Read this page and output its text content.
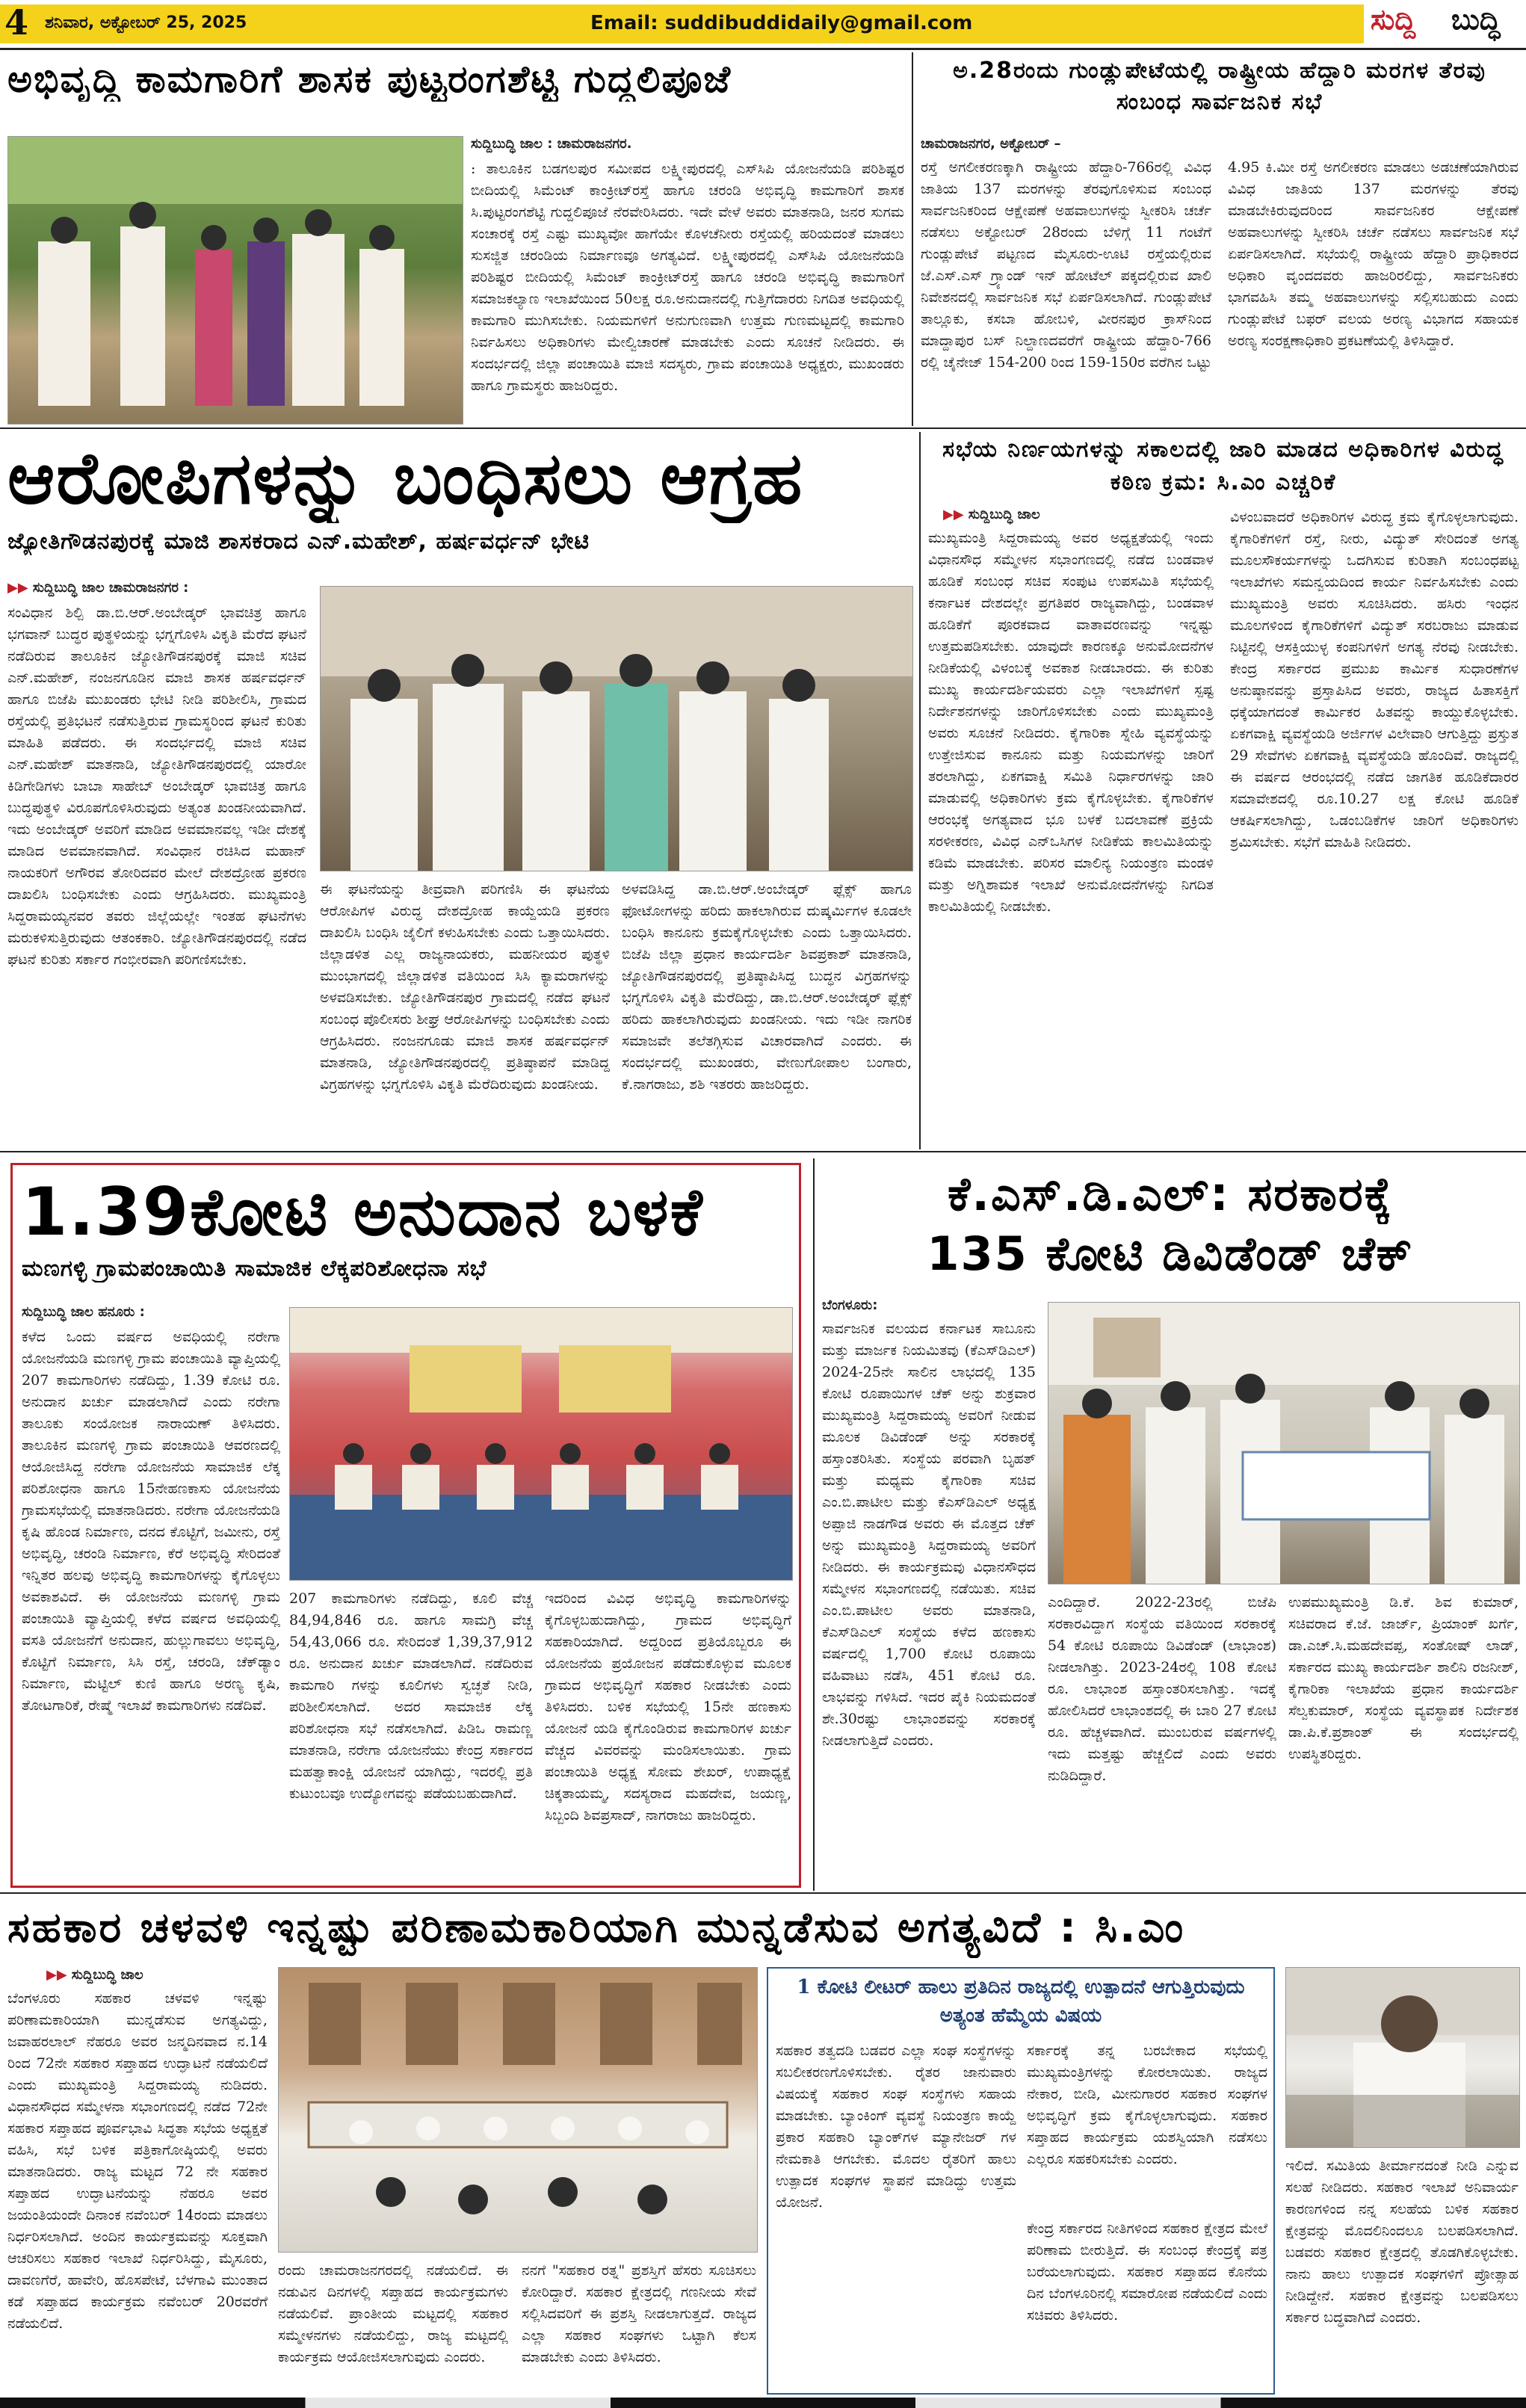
4 ಶನಿವಾರ, ಅಕ್ಟೋಬರ್ 25, 2025	Email: suddibuddidaily@gmail.com	ಸುದ್ದಿ ಬುದ್ಧಿ
ಅಭಿವೃದ್ಧಿ ಕಾಮಗಾರಿಗೆ ಶಾಸಕ ಪುಟ್ಟರಂಗಶೆಟ್ಟಿ ಗುದ್ದಲಿಪೂಜೆ
ಸುದ್ದಿಬುದ್ಧಿ ಜಾಲ : ಚಾಮರಾಜನಗರ.

: ತಾಲೂಕಿನ ಬಡಗಲಪುರ ಸಮೀಪದ ಲಕ್ಷ್ಮೀಪುರದಲ್ಲಿ ಎಸ್‌ಸಿಪಿ ಯೋಜನೆಯಡಿ ಪರಿಶಿಷ್ಟರ ಬೀದಿಯಲ್ಲಿ ಸಿಮೆಂಟ್ ಕಾಂಕ್ರೀಟ್‌ರಸ್ತೆ ಹಾಗೂ ಚರಂಡಿ ಅಭಿವೃದ್ಧಿ ಕಾಮಗಾರಿಗೆ ಶಾಸಕ ಸಿ.ಪುಟ್ಟರಂಗಶೆಟ್ಟಿ ಗುದ್ದಲಿಪೂಜೆ ನೆರವೇರಿಸಿದರು. ಇದೇ ವೇಳೆ ಅವರು ಮಾತನಾಡಿ, ಜನರ ಸುಗಮ ಸಂಚಾರಕ್ಕೆ ರಸ್ತೆ ಎಷ್ಟು ಮುಖ್ಯವೋ ಹಾಗೆಯೇ ಕೊಳಚೆನೀರು ರಸ್ತೆಯಲ್ಲಿ ಹರಿಯದಂತೆ ಮಾಡಲು ಸುಸಜ್ಜಿತ ಚರಂಡಿಯ ನಿರ್ಮಾಣವೂ ಅಗತ್ಯವಿದೆ. ಲಕ್ಷ್ಮೀಪುರದಲ್ಲಿ ಎಸ್‌ಸಿಪಿ ಯೋಜನೆಯಡಿ ಪರಿಶಿಷ್ಟರ ಬೀದಿಯಲ್ಲಿ ಸಿಮೆಂಟ್ ಕಾಂಕ್ರೀಟ್‌ರಸ್ತೆ ಹಾಗೂ ಚರಂಡಿ ಅಭಿವೃದ್ಧಿ ಕಾಮಗಾರಿಗೆ ಸಮಾಜಕಲ್ಯಾಣ ಇಲಾಖೆಯಿಂದ 50ಲಕ್ಷ ರೂ.ಅನುದಾನದಲ್ಲಿ ಗುತ್ತಿಗೆದಾರರು ನಿಗದಿತ ಅವಧಿಯಲ್ಲಿ ಕಾಮಗಾರಿ ಮುಗಿಸಬೇಕು. ನಿಯಮಗಳಿಗೆ ಅನುಗುಣವಾಗಿ ಉತ್ತಮ ಗುಣಮಟ್ಟದಲ್ಲಿ ಕಾಮಗಾರಿ ನಿರ್ವಹಿಸಲು ಅಧಿಕಾರಿಗಳು ಮೇಲ್ವಿಚಾರಣೆ ಮಾಡಬೇಕು ಎಂದು ಸೂಚನೆ ನೀಡಿದರು. ಈ ಸಂದರ್ಭದಲ್ಲಿ ಜಿಲ್ಲಾ ಪಂಚಾಯಿತಿ ಮಾಜಿ ಸದಸ್ಯರು, ಗ್ರಾಮ ಪಂಚಾಯಿತಿ ಅಧ್ಯಕ್ಷರು, ಮುಖಂಡರು ಹಾಗೂ ಗ್ರಾಮಸ್ಥರು ಹಾಜರಿದ್ದರು.

ಅ.28ರಂದು ಗುಂಡ್ಲುಪೇಟೆಯಲ್ಲಿ ರಾಷ್ಟ್ರೀಯ ಹೆದ್ದಾರಿ ಮರಗಳ ತೆರವು ಸಂಬಂಧ ಸಾರ್ವಜನಿಕ ಸಭೆ
ಚಾಮರಾಜನಗರ, ಅಕ್ಟೋಬರ್ –

ರಸ್ತೆ ಅಗಲೀಕರಣಕ್ಕಾಗಿ ರಾಷ್ಟ್ರೀಯ ಹೆದ್ದಾರಿ-766ರಲ್ಲಿ ವಿವಿಧ ಜಾತಿಯ 137 ಮರಗಳನ್ನು ತೆರವುಗೊಳಿಸುವ ಸಂಬಂಧ ಸಾರ್ವಜನಿಕರಿಂದ ಆಕ್ಷೇಪಣೆ ಅಹವಾಲುಗಳನ್ನು ಸ್ವೀಕರಿಸಿ ಚರ್ಚೆ ನಡೆಸಲು ಅಕ್ಟೋಬರ್ 28ರಂದು ಬೆಳಿಗ್ಗೆ 11 ಗಂಟೆಗೆ ಗುಂಡ್ಲುಪೇಟೆ ಪಟ್ಟಣದ ಮೈಸೂರು-ಊಟಿ ರಸ್ತೆಯಲ್ಲಿರುವ ಜೆ.ಎಸ್.ಎಸ್ ಗ್ರ್ಯಾಂಡ್ ಇನ್ ಹೋಟೆಲ್ ಪಕ್ಕದಲ್ಲಿರುವ ಖಾಲಿ ನಿವೇಶನದಲ್ಲಿ ಸಾರ್ವಜನಿಕ ಸಭೆ ಏರ್ಪಡಿಸಲಾಗಿದೆ. ಗುಂಡ್ಲುಪೇಟೆ ತಾಲ್ಲೂಕು, ಕಸಬಾ ಹೋಬಳಿ, ವೀರನಪುರ ಕ್ರಾಸ್‌ನಿಂದ ಮಾದ್ದಾಪುರ ಬಸ್ ನಿಲ್ದಾಣದವರೆಗೆ ರಾಷ್ಟ್ರೀಯ ಹೆದ್ದಾರಿ-766 ರಲ್ಲಿ ಚೈನೇಜ್ 154-200 ರಿಂದ 159-150ರ ವರೆಗಿನ ಒಟ್ಟು 4.95 ಕಿ.ಮೀ ರಸ್ತೆ ಅಗಲೀಕರಣ ಮಾಡಲು ಅಡಚಣೆಯಾಗಿರುವ ವಿವಿಧ ಜಾತಿಯ 137 ಮರಗಳನ್ನು ತೆರವು ಮಾಡಬೇಕಿರುವುದರಿಂದ ಸಾರ್ವಜನಿಕರ ಆಕ್ಷೇಪಣೆ ಅಹವಾಲುಗಳನ್ನು ಸ್ವೀಕರಿಸಿ ಚರ್ಚೆ ನಡೆಸಲು ಸಾರ್ವಜನಿಕ ಸಭೆ ಏರ್ಪಡಿಸಲಾಗಿದೆ. ಸಭೆಯಲ್ಲಿ ರಾಷ್ಟ್ರೀಯ ಹೆದ್ದಾರಿ ಪ್ರಾಧಿಕಾರದ ಅಧಿಕಾರಿ ವೃಂದದವರು ಹಾಜರಿರಲಿದ್ದು, ಸಾರ್ವಜನಿಕರು ಭಾಗವಹಿಸಿ ತಮ್ಮ ಅಹವಾಲುಗಳನ್ನು ಸಲ್ಲಿಸಬಹುದು ಎಂದು ಗುಂಡ್ಲುಪೇಟೆ ಬಫರ್ ವಲಯ ಅರಣ್ಯ ವಿಭಾಗದ ಸಹಾಯಕ ಅರಣ್ಯ ಸಂರಕ್ಷಣಾಧಿಕಾರಿ ಪ್ರಕಟಣೆಯಲ್ಲಿ ತಿಳಿಸಿದ್ದಾರೆ.

ಆರೋಪಿಗಳನ್ನು ಬಂಧಿಸಲು ಆಗ್ರಹ
ಜ್ಯೋತಿಗೌಡನಪುರಕ್ಕೆ ಮಾಜಿ ಶಾಸಕರಾದ ಎನ್.ಮಹೇಶ್, ಹರ್ಷವರ್ಧನ್ ಭೇಟಿ
▶▶ ಸುದ್ದಿಬುದ್ಧಿ ಜಾಲ ಚಾಮರಾಜನಗರ :

ಸಂವಿಧಾನ ಶಿಲ್ಪಿ ಡಾ.ಬಿ.ಆರ್.ಅಂಬೇಡ್ಕರ್ ಭಾವಚಿತ್ರ ಹಾಗೂ ಭಗವಾನ್ ಬುದ್ಧರ ಪುತ್ಥಳಿಯನ್ನು ಭಗ್ನಗೊಳಿಸಿ ವಿಕೃತಿ ಮೆರೆದ ಘಟನೆ ನಡೆದಿರುವ ತಾಲೂಕಿನ ಜ್ಯೋತಿಗೌಡನಪುರಕ್ಕೆ ಮಾಜಿ ಸಚಿವ ಎನ್.ಮಹೇಶ್, ನಂಜನಗೂಡಿನ ಮಾಜಿ ಶಾಸಕ ಹರ್ಷವರ್ಧನ್ ಹಾಗೂ ಬಿಜೆಪಿ ಮುಖಂಡರು ಭೇಟಿ ನೀಡಿ ಪರಿಶೀಲಿಸಿ, ಗ್ರಾಮದ ರಸ್ತೆಯಲ್ಲಿ ಪ್ರತಿಭಟನೆ ನಡೆಸುತ್ತಿರುವ ಗ್ರಾಮಸ್ಥರಿಂದ ಘಟನೆ ಕುರಿತು ಮಾಹಿತಿ ಪಡೆದರು. ಈ ಸಂದರ್ಭದಲ್ಲಿ ಮಾಜಿ ಸಚಿವ ಎನ್.ಮಹೇಶ್ ಮಾತನಾಡಿ, ಜ್ಯೋತಿಗೌಡನಪುರದಲ್ಲಿ ಯಾರೋ ಕಿಡಿಗೇಡಿಗಳು ಬಾಬಾ ಸಾಹೇಬ್ ಅಂಬೇಡ್ಕರ್ ಭಾವಚಿತ್ರ ಹಾಗೂ ಬುದ್ಧಪುತ್ಥಳಿ ವಿರೂಪಗೊಳಿಸಿರುವುದು ಅತ್ಯಂತ ಖಂಡನೀಯವಾಗಿದೆ. ಇದು ಅಂಬೇಡ್ಕರ್ ಅವರಿಗೆ ಮಾಡಿದ ಅವಮಾನವಲ್ಲ ಇಡೀ ದೇಶಕ್ಕೆ ಮಾಡಿದ ಅವಮಾನವಾಗಿದೆ. ಸಂವಿಧಾನ ರಚಿಸಿದ ಮಹಾನ್ ನಾಯಕರಿಗೆ ಅಗೌರವ ತೋರಿದವರ ಮೇಲೆ ದೇಶದ್ರೋಹ ಪ್ರಕರಣ ದಾಖಲಿಸಿ ಬಂಧಿಸಬೇಕು ಎಂದು ಆಗ್ರಹಿಸಿದರು. ಮುಖ್ಯಮಂತ್ರಿ ಸಿದ್ದರಾಮಯ್ಯನವರ ತವರು ಜಿಲ್ಲೆಯಲ್ಲೇ ಇಂತಹ ಘಟನೆಗಳು ಮರುಕಳಿಸುತ್ತಿರುವುದು ಆತಂಕಕಾರಿ. ಜ್ಯೋತಿಗೌಡನಪುರದಲ್ಲಿ ನಡೆದ ಘಟನೆ ಕುರಿತು ಸರ್ಕಾರ ಗಂಭೀರವಾಗಿ ಪರಿಗಣಿಸಬೇಕು.

ಈ ಘಟನೆಯನ್ನು ತೀವ್ರವಾಗಿ ಪರಿಗಣಿಸಿ ಈ ಘಟನೆಯ ಆರೋಪಿಗಳ ವಿರುದ್ಧ ದೇಶದ್ರೋಹ ಕಾಯ್ದೆಯಡಿ ಪ್ರಕರಣ ದಾಖಲಿಸಿ ಬಂಧಿಸಿ ಜೈಲಿಗೆ ಕಳುಹಿಸಬೇಕು ಎಂದು ಒತ್ತಾಯಿಸಿದರು. ಜಿಲ್ಲಾಡಳಿತ ಎಲ್ಲ ರಾಜ್ಯನಾಯಕರು, ಮಹನೀಯರ ಪುತ್ಥಳಿ ಮುಂಭಾಗದಲ್ಲಿ ಜಿಲ್ಲಾಡಳಿತ ವತಿಯಿಂದ ಸಿಸಿ ಕ್ಯಾಮರಾಗಳನ್ನು ಅಳವಡಿಸಬೇಕು. ಜ್ಯೋತಿಗೌಡನಪುರ ಗ್ರಾಮದಲ್ಲಿ ನಡೆದ ಘಟನೆ ಸಂಬಂಧ ಪೊಲೀಸರು ಶೀಘ್ರ ಆರೋಪಿಗಳನ್ನು ಬಂಧಿಸಬೇಕು ಎಂದು ಆಗ್ರಹಿಸಿದರು. ನಂಜನಗೂಡು ಮಾಜಿ ಶಾಸಕ ಹರ್ಷವರ್ಧನ್ ಮಾತನಾಡಿ, ಜ್ಯೋತಿಗೌಡನಪುರದಲ್ಲಿ ಪ್ರತಿಷ್ಠಾಪನೆ ಮಾಡಿದ್ದ ವಿಗ್ರಹಗಳನ್ನು ಭಗ್ನಗೊಳಿಸಿ ವಿಕೃತಿ ಮೆರೆದಿರುವುದು ಖಂಡನೀಯ.

ಅಳವಡಿಸಿದ್ದ ಡಾ.ಬಿ.ಆರ್.ಅಂಬೇಡ್ಕರ್ ಫ್ಲೆಕ್ಸ್ ಹಾಗೂ ಫೋಟೋಗಳನ್ನು ಹರಿದು ಹಾಕಲಾಗಿರುವ ದುಷ್ಕರ್ಮಿಗಳ ಕೂಡಲೇ ಬಂಧಿಸಿ ಕಾನೂನು ಕ್ರಮಕೈಗೊಳ್ಳಬೇಕು ಎಂದು ಒತ್ತಾಯಿಸಿದರು. ಬಿಜೆಪಿ ಜಿಲ್ಲಾ ಪ್ರಧಾನ ಕಾರ್ಯದರ್ಶಿ ಶಿವಪ್ರಕಾಶ್ ಮಾತನಾಡಿ, ಜ್ಯೋತಿಗೌಡನಪುರದಲ್ಲಿ ಪ್ರತಿಷ್ಠಾಪಿಸಿದ್ದ ಬುದ್ಧನ ವಿಗ್ರಹಗಳನ್ನು ಭಗ್ನಗೊಳಿಸಿ ವಿಕೃತಿ ಮೆರೆದಿದ್ದು, ಡಾ.ಬಿ.ಆರ್.ಅಂಬೇಡ್ಕರ್ ಫ್ಲೆಕ್ಸ್ ಹರಿದು ಹಾಕಲಾಗಿರುವುದು ಖಂಡನೀಯ. ಇದು ಇಡೀ ನಾಗರಿಕ ಸಮಾಜವೇ ತಲೆತಗ್ಗಿಸುವ ವಿಚಾರವಾಗಿದೆ ಎಂದರು. ಈ ಸಂದರ್ಭದಲ್ಲಿ ಮುಖಂಡರು, ವೇಣುಗೋಪಾಲ ಬಂಗಾರು, ಕೆ.ನಾಗರಾಜು, ಶಶಿ ಇತರರು ಹಾಜರಿದ್ದರು.

ಸಭೆಯ ನಿರ್ಣಯಗಳನ್ನು ಸಕಾಲದಲ್ಲಿ ಜಾರಿ ಮಾಡದ ಅಧಿಕಾರಿಗಳ ವಿರುದ್ಧ ಕಠಿಣ ಕ್ರಮ: ಸಿ.ಎಂ ಎಚ್ಚರಿಕೆ
▶▶ ಸುದ್ದಿಬುದ್ಧಿ ಜಾಲ

ಮುಖ್ಯಮಂತ್ರಿ ಸಿದ್ದರಾಮಯ್ಯ ಅವರ ಅಧ್ಯಕ್ಷತೆಯಲ್ಲಿ ಇಂದು ವಿಧಾನಸೌಧ ಸಮ್ಮೇಳನ ಸಭಾಂಗಣದಲ್ಲಿ ನಡೆದ ಬಂಡವಾಳ ಹೂಡಿಕೆ ಸಂಬಂಧ ಸಚಿವ ಸಂಪುಟ ಉಪಸಮಿತಿ ಸಭೆಯಲ್ಲಿ ಕರ್ನಾಟಕ ದೇಶದಲ್ಲೇ ಪ್ರಗತಿಪರ ರಾಜ್ಯವಾಗಿದ್ದು, ಬಂಡವಾಳ ಹೂಡಿಕೆಗೆ ಪೂರಕವಾದ ವಾತಾವರಣವನ್ನು ಇನ್ನಷ್ಟು ಉತ್ತಮಪಡಿಸಬೇಕು. ಯಾವುದೇ ಕಾರಣಕ್ಕೂ ಅನುಮೋದನೆಗಳ ನೀಡಿಕೆಯಲ್ಲಿ ವಿಳಂಬಕ್ಕೆ ಅವಕಾಶ ನೀಡಬಾರದು. ಈ ಕುರಿತು ಮುಖ್ಯ ಕಾರ್ಯದರ್ಶಿಯವರು ಎಲ್ಲಾ ಇಲಾಖೆಗಳಿಗೆ ಸ್ಪಷ್ಟ ನಿರ್ದೇಶನಗಳನ್ನು ಜಾರಿಗೊಳಿಸಬೇಕು ಎಂದು ಮುಖ್ಯಮಂತ್ರಿ ಅವರು ಸೂಚನೆ ನೀಡಿದರು. ಕೈಗಾರಿಕಾ ಸ್ನೇಹಿ ವ್ಯವಸ್ಥೆಯನ್ನು ಉತ್ತೇಜಿಸುವ ಕಾನೂನು ಮತ್ತು ನಿಯಮಗಳನ್ನು ಜಾರಿಗೆ ತರಲಾಗಿದ್ದು, ಏಕಗವಾಕ್ಷಿ ಸಮಿತಿ ನಿರ್ಧಾರಗಳನ್ನು ಜಾರಿ ಮಾಡುವಲ್ಲಿ ಅಧಿಕಾರಿಗಳು ಕ್ರಮ ಕೈಗೊಳ್ಳಬೇಕು. ಕೈಗಾರಿಕೆಗಳ ಆರಂಭಕ್ಕೆ ಅಗತ್ಯವಾದ ಭೂ ಬಳಕೆ ಬದಲಾವಣೆ ಪ್ರಕ್ರಿಯೆ ಸರಳೀಕರಣ, ವಿವಿಧ ಎನ್‌ಒಸಿಗಳ ನೀಡಿಕೆಯ ಕಾಲಮಿತಿಯನ್ನು ಕಡಿಮೆ ಮಾಡಬೇಕು. ಪರಿಸರ ಮಾಲಿನ್ಯ ನಿಯಂತ್ರಣ ಮಂಡಳಿ ಮತ್ತು ಅಗ್ನಿಶಾಮಕ ಇಲಾಖೆ ಅನುಮೋದನೆಗಳನ್ನು ನಿಗದಿತ ಕಾಲಮಿತಿಯಲ್ಲಿ ನೀಡಬೇಕು.

ವಿಳಂಬವಾದರೆ ಅಧಿಕಾರಿಗಳ ವಿರುದ್ಧ ಕ್ರಮ ಕೈಗೊಳ್ಳಲಾಗುವುದು. ಕೈಗಾರಿಕೆಗಳಿಗೆ ರಸ್ತೆ, ನೀರು, ವಿದ್ಯುತ್ ಸೇರಿದಂತೆ ಅಗತ್ಯ ಮೂಲಸೌಕರ್ಯಗಳನ್ನು ಒದಗಿಸುವ ಕುರಿತಾಗಿ ಸಂಬಂಧಪಟ್ಟ ಇಲಾಖೆಗಳು ಸಮನ್ವಯದಿಂದ ಕಾರ್ಯ ನಿರ್ವಹಿಸಬೇಕು ಎಂದು ಮುಖ್ಯಮಂತ್ರಿ ಅವರು ಸೂಚಿಸಿದರು. ಹಸಿರು ಇಂಧನ ಮೂಲಗಳಿಂದ ಕೈಗಾರಿಕೆಗಳಿಗೆ ವಿದ್ಯುತ್ ಸರಬರಾಜು ಮಾಡುವ ನಿಟ್ಟಿನಲ್ಲಿ ಆಸಕ್ತಿಯುಳ್ಳ ಕಂಪನಿಗಳಿಗೆ ಅಗತ್ಯ ನೆರವು ನೀಡಬೇಕು. ಕೇಂದ್ರ ಸರ್ಕಾರದ ಪ್ರಮುಖ ಕಾರ್ಮಿಕ ಸುಧಾರಣೆಗಳ ಅನುಷ್ಠಾನವನ್ನು ಪ್ರಸ್ತಾಪಿಸಿದ ಅವರು, ರಾಜ್ಯದ ಹಿತಾಸಕ್ತಿಗೆ ಧಕ್ಕೆಯಾಗದಂತೆ ಕಾರ್ಮಿಕರ ಹಿತವನ್ನು ಕಾಯ್ದುಕೊಳ್ಳಬೇಕು. ಏಕಗವಾಕ್ಷಿ ವ್ಯವಸ್ಥೆಯಡಿ ಅರ್ಜಿಗಳ ವಿಲೇವಾರಿ ಆಗುತ್ತಿದ್ದು ಪ್ರಸ್ತುತ 29 ಸೇವೆಗಳು ಏಕಗವಾಕ್ಷಿ ವ್ಯವಸ್ಥೆಯಡಿ ಹೊಂದಿವೆ. ರಾಜ್ಯದಲ್ಲಿ ಈ ವರ್ಷದ ಆರಂಭದಲ್ಲಿ ನಡೆದ ಜಾಗತಿಕ ಹೂಡಿಕೆದಾರರ ಸಮಾವೇಶದಲ್ಲಿ ರೂ.10.27 ಲಕ್ಷ ಕೋಟಿ ಹೂಡಿಕೆ ಆಕರ್ಷಿಸಲಾಗಿದ್ದು, ಒಡಂಬಡಿಕೆಗಳ ಜಾರಿಗೆ ಅಧಿಕಾರಿಗಳು ಶ್ರಮಿಸಬೇಕು. ಸಭೆಗೆ ಮಾಹಿತಿ ನೀಡಿದರು.

1.39ಕೋಟಿ ಅನುದಾನ ಬಳಕೆ
ಮಣಗಳ್ಳಿ ಗ್ರಾಮಪಂಚಾಯಿತಿ ಸಾಮಾಜಿಕ ಲೆಕ್ಕಪರಿಶೋಧನಾ ಸಭೆ
ಸುದ್ದಿಬುದ್ಧಿ ಜಾಲ ಹನೂರು :

ಕಳೆದ ಒಂದು ವರ್ಷದ ಅವಧಿಯಲ್ಲಿ ನರೇಗಾ ಯೋಜನೆಯಡಿ ಮಣಗಳ್ಳಿ ಗ್ರಾಮ ಪಂಚಾಯಿತಿ ವ್ಯಾಪ್ತಿಯಲ್ಲಿ 207 ಕಾಮಗಾರಿಗಳು ನಡೆದಿದ್ದು, 1.39 ಕೋಟಿ ರೂ. ಅನುದಾನ ಖರ್ಚು ಮಾಡಲಾಗಿದೆ ಎಂದು ನರೇಗಾ ತಾಲೂಕು ಸಂಯೋಜಕ ನಾರಾಯಣ್ ತಿಳಿಸಿದರು. ತಾಲೂಕಿನ ಮಣಗಳ್ಳಿ ಗ್ರಾಮ ಪಂಚಾಯಿತಿ ಆವರಣದಲ್ಲಿ ಆಯೋಜಿಸಿದ್ದ ನರೇಗಾ ಯೋಜನೆಯ ಸಾಮಾಜಿಕ ಲೆಕ್ಕ ಪರಿಶೋಧನಾ ಹಾಗೂ 15ನೇಹಣಕಾಸು ಯೋಜನೆಯ ಗ್ರಾಮಸಭೆಯಲ್ಲಿ ಮಾತನಾಡಿದರು. ನರೇಗಾ ಯೋಜನೆಯಡಿ ಕೃಷಿ ಹೊಂಡ ನಿರ್ಮಾಣ, ದನದ ಕೊಟ್ಟಿಗೆ, ಜಮೀನು, ರಸ್ತೆ ಅಭಿವೃದ್ಧಿ, ಚರಂಡಿ ನಿರ್ಮಾಣ, ಕೆರೆ ಅಭಿವೃದ್ಧಿ ಸೇರಿದಂತೆ ಇನ್ನಿತರ ಹಲವು ಅಭಿವೃದ್ಧಿ ಕಾಮಗಾರಿಗಳನ್ನು ಕೈಗೊಳ್ಳಲು ಅವಕಾಶವಿದೆ. ಈ ಯೋಜನೆಯ ಮಣಗಳ್ಳಿ ಗ್ರಾಮ ಪಂಚಾಯಿತಿ ವ್ಯಾಪ್ತಿಯಲ್ಲಿ ಕಳೆದ ವರ್ಷದ ಅವಧಿಯಲ್ಲಿ ವಸತಿ ಯೋಜನೆಗೆ ಅನುದಾನ, ಹುಲ್ಲುಗಾವಲು ಅಭಿವೃದ್ಧಿ, ಕೊಟ್ಟಿಗೆ ನಿರ್ಮಾಣ, ಸಿಸಿ ರಸ್ತೆ, ಚರಂಡಿ, ಚೆಕ್‌ಡ್ಯಾಂ ನಿರ್ಮಾಣ, ಮೆಟ್ಟಿಲ್ ಕುಣಿ ಹಾಗೂ ಅರಣ್ಯ ಕೃಷಿ, ತೋಟಗಾರಿಕೆ, ರೇಷ್ಮೆ ಇಲಾಖೆ ಕಾಮಗಾರಿಗಳು ನಡೆದಿವೆ.

207 ಕಾಮಗಾರಿಗಳು ನಡೆದಿದ್ದು, ಕೂಲಿ ವೆಚ್ಚ 84,94,846 ರೂ. ಹಾಗೂ ಸಾಮಗ್ರಿ ವೆಚ್ಚ 54,43,066 ರೂ. ಸೇರಿದಂತೆ 1,39,37,912 ರೂ. ಅನುದಾನ ಖರ್ಚು ಮಾಡಲಾಗಿದೆ. ನಡೆದಿರುವ ಕಾಮಗಾರಿ ಗಳನ್ನು ಕೂಲಿಗಳು ಸ್ವಚ್ಛತೆ ನೀಡಿ, ಪರಿಶೀಲಿಸಲಾಗಿದೆ. ಅದರ ಸಾಮಾಜಿಕ ಲೆಕ್ಕ ಪರಿಶೋಧನಾ ಸಭೆ ನಡೆಸಲಾಗಿದೆ. ಪಿಡಿಒ ರಾಮಣ್ಣ ಮಾತನಾಡಿ, ನರೇಗಾ ಯೋಜನೆಯು ಕೇಂದ್ರ ಸರ್ಕಾರದ ಮಹತ್ವಾಕಾಂಕ್ಷಿ ಯೋಜನೆ ಯಾಗಿದ್ದು, ಇದರಲ್ಲಿ ಪ್ರತಿ ಕುಟುಂಬವೂ ಉದ್ಯೋಗವನ್ನು ಪಡೆಯಬಹುದಾಗಿದೆ.

ಇದರಿಂದ ವಿವಿಧ ಅಭಿವೃದ್ಧಿ ಕಾಮಗಾರಿಗಳನ್ನು ಕೈಗೊಳ್ಳಬಹುದಾಗಿದ್ದು, ಗ್ರಾಮದ ಅಭಿವೃದ್ಧಿಗೆ ಸಹಕಾರಿಯಾಗಿದೆ. ಅದ್ದರಿಂದ ಪ್ರತಿಯೊಬ್ಬರೂ ಈ ಯೋಜನೆಯ ಪ್ರಯೋಜನ ಪಡೆದುಕೊಳ್ಳುವ ಮೂಲಕ ಗ್ರಾಮದ ಅಭಿವೃದ್ಧಿಗೆ ಸಹಕಾರ ನೀಡಬೇಕು ಎಂದು ತಿಳಿಸಿದರು. ಬಳಿಕ ಸಭೆಯಲ್ಲಿ 15ನೇ ಹಣಕಾಸು ಯೋಜನೆ ಯಡಿ ಕೈಗೊಂಡಿರುವ ಕಾಮಗಾರಿಗಳ ಖರ್ಚು ವೆಚ್ಚದ ವಿವರವನ್ನು ಮಂಡಿಸಲಾಯಿತು. ಗ್ರಾಮ ಪಂಚಾಯಿತಿ ಅಧ್ಯಕ್ಷ ಸೋಮ ಶೇಖರ್, ಉಪಾಧ್ಯಕ್ಷೆ ಚಿಕ್ಕತಾಯಮ್ಮ, ಸದಸ್ಯರಾದ ಮಹದೇವ, ಜಯಣ್ಣ, ಸಿಬ್ಬಂದಿ ಶಿವಪ್ರಸಾದ್, ನಾಗರಾಜು ಹಾಜರಿದ್ದರು.

ಕೆ.ಎಸ್.ಡಿ.ಎಲ್: ಸರಕಾರಕ್ಕೆ
135 ಕೋಟಿ ಡಿವಿಡೆಂಡ್ ಚೆಕ್
ಬೆಂಗಳೂರು:

ಸಾರ್ವಜನಿಕ ವಲಯದ ಕರ್ನಾಟಕ ಸಾಬೂನು ಮತ್ತು ಮಾರ್ಜಕ ನಿಯಮಿತವು (ಕೆಎಸ್‌ಡಿಎಲ್) 2024-25ನೇ ಸಾಲಿನ ಲಾಭದಲ್ಲಿ 135 ಕೋಟಿ ರೂಪಾಯಿಗಳ ಚೆಕ್ ಅನ್ನು ಶುಕ್ರವಾರ ಮುಖ್ಯಮಂತ್ರಿ ಸಿದ್ದರಾಮಯ್ಯ ಅವರಿಗೆ ನೀಡುವ ಮೂಲಕ ಡಿವಿಡೆಂಡ್ ಅನ್ನು ಸರಕಾರಕ್ಕೆ ಹಸ್ತಾಂತರಿಸಿತು. ಸಂಸ್ಥೆಯ ಪರವಾಗಿ ಬೃಹತ್ ಮತ್ತು ಮಧ್ಯಮ ಕೈಗಾರಿಕಾ ಸಚಿವ ಎಂ.ಬಿ.ಪಾಟೀಲ ಮತ್ತು ಕೆಎಸ್‌ಡಿಎಲ್ ಅಧ್ಯಕ್ಷ ಅಪ್ಪಾಜಿ ನಾಡಗೌಡ ಅವರು ಈ ಮೊತ್ತದ ಚೆಕ್ ಅನ್ನು ಮುಖ್ಯಮಂತ್ರಿ ಸಿದ್ದರಾಮಯ್ಯ ಅವರಿಗೆ ನೀಡಿದರು. ಈ ಕಾರ್ಯಕ್ರಮವು ವಿಧಾನಸೌಧದ ಸಮ್ಮೇಳನ ಸಭಾಂಗಣದಲ್ಲಿ ನಡೆಯಿತು. ಸಚಿವ ಎಂ.ಬಿ.ಪಾಟೀಲ ಅವರು ಮಾತನಾಡಿ, ಕೆಎಸ್‌ಡಿಎಲ್ ಸಂಸ್ಥೆಯ ಕಳೆದ ಹಣಕಾಸು ವರ್ಷದಲ್ಲಿ 1,700 ಕೋಟಿ ರೂಪಾಯಿ ವಹಿವಾಟು ನಡೆಸಿ, 451 ಕೋಟಿ ರೂ. ಲಾಭವನ್ನು ಗಳಿಸಿದೆ. ಇದರ ಪೈಕಿ ನಿಯಮದಂತೆ ಶೇ.30ರಷ್ಟು ಲಾಭಾಂಶವನ್ನು ಸರಕಾರಕ್ಕೆ ನೀಡಲಾಗುತ್ತಿದೆ ಎಂದರು.

ಎಂದಿದ್ದಾರೆ. 2022-23ರಲ್ಲಿ ಬಿಜೆಪಿ ಸರಕಾರವಿದ್ದಾಗ ಸಂಸ್ಥೆಯ ವತಿಯಿಂದ ಸರಕಾರಕ್ಕೆ 54 ಕೋಟಿ ರೂಪಾಯಿ ಡಿವಿಡೆಂಡ್ (ಲಾಭಾಂಶ) ನೀಡಲಾಗಿತ್ತು. 2023-24ರಲ್ಲಿ 108 ಕೋಟಿ ರೂ. ಲಾಭಾಂಶ ಹಸ್ತಾಂತರಿಸಲಾಗಿತ್ತು. ಇದಕ್ಕೆ ಹೋಲಿಸಿದರೆ ಲಾಭಾಂಶದಲ್ಲಿ ಈ ಬಾರಿ 27 ಕೋಟಿ ರೂ. ಹೆಚ್ಚಳವಾಗಿದೆ. ಮುಂಬರುವ ವರ್ಷಗಳಲ್ಲಿ ಇದು ಮತ್ತಷ್ಟು ಹೆಚ್ಚಲಿದೆ ಎಂದು ಅವರು ನುಡಿದಿದ್ದಾರೆ.

ಉಪಮುಖ್ಯಮಂತ್ರಿ ಡಿ.ಕೆ. ಶಿವ ಕುಮಾರ್, ಸಚಿವರಾದ ಕೆ.ಜೆ. ಜಾರ್ಜ್, ಪ್ರಿಯಾಂಕ್ ಖರ್ಗೆ, ಡಾ.ಎಚ್.ಸಿ.ಮಹದೇವಪ್ಪ, ಸಂತೋಷ್ ಲಾಡ್, ಸರ್ಕಾರದ ಮುಖ್ಯ ಕಾರ್ಯದರ್ಶಿ ಶಾಲಿನಿ ರಜನೀಶ್, ಕೈಗಾರಿಕಾ ಇಲಾಖೆಯ ಪ್ರಧಾನ ಕಾರ್ಯದರ್ಶಿ ಸೆಲ್ವಕುಮಾರ್, ಸಂಸ್ಥೆಯ ವ್ಯವಸ್ಥಾಪಕ ನಿರ್ದೇಶಕ ಡಾ.ಪಿ.ಕೆ.ಪ್ರಶಾಂತ್ ಈ ಸಂದರ್ಭದಲ್ಲಿ ಉಪಸ್ಥಿತರಿದ್ದರು.

ಸಹಕಾರ ಚಳವಳಿ ಇನ್ನಷ್ಟು ಪರಿಣಾಮಕಾರಿಯಾಗಿ ಮುನ್ನಡೆಸುವ ಅಗತ್ಯವಿದೆ : ಸಿ.ಎಂ
▶▶ ಸುದ್ದಿಬುದ್ಧಿ ಜಾಲ

ಬೆಂಗಳೂರು ಸಹಕಾರ ಚಳವಳಿ ಇನ್ನಷ್ಟು ಪರಿಣಾಮಕಾರಿಯಾಗಿ ಮುನ್ನಡೆಸುವ ಅಗತ್ಯವಿದ್ದು, ಜವಾಹರಲಾಲ್ ನೆಹರೂ ಅವರ ಜನ್ಮದಿನವಾದ ನ.14 ರಿಂದ 72ನೇ ಸಹಕಾರ ಸಪ್ತಾಹದ ಉದ್ಘಾಟನೆ ನಡೆಯಲಿದೆ ಎಂದು ಮುಖ್ಯಮಂತ್ರಿ ಸಿದ್ದರಾಮಯ್ಯ ನುಡಿದರು. ವಿಧಾನಸೌಧದ ಸಮ್ಮೇಳನಾ ಸಭಾಂಗಣದಲ್ಲಿ ನಡೆದ 72ನೇ ಸಹಕಾರ ಸಪ್ತಾಹದ ಪೂರ್ವಭಾವಿ ಸಿದ್ಧತಾ ಸಭೆಯ ಅಧ್ಯಕ್ಷತೆ ವಹಿಸಿ, ಸಭೆ ಬಳಿಕ ಪತ್ರಿಕಾಗೋಷ್ಠಿಯಲ್ಲಿ ಅವರು ಮಾತನಾಡಿದರು. ರಾಜ್ಯ ಮಟ್ಟದ 72 ನೇ ಸಹಕಾರ ಸಪ್ತಾಹದ ಉದ್ಘಾಟನೆಯನ್ನು ನೆಹರೂ ಅವರ ಜಯಂತಿಯಂದೇ ದಿನಾಂಕ ನವೆಂಬರ್ 14ರಂದು ಮಾಡಲು ನಿರ್ಧರಿಸಲಾಗಿದೆ. ಅಂದಿನ ಕಾರ್ಯಕ್ರಮವನ್ನು ಸೂಕ್ತವಾಗಿ ಆಚರಿಸಲು ಸಹಕಾರ ಇಲಾಖೆ ನಿರ್ಧರಿಸಿದ್ದು, ಮೈಸೂರು, ದಾವಣಗೆರೆ, ಹಾವೇರಿ, ಹೊಸಪೇಟೆ, ಬೆಳಗಾವಿ ಮುಂತಾದ ಕಡೆ ಸಪ್ತಾಹದ ಕಾರ್ಯಕ್ರಮ ನವೆಂಬರ್ 20ರವರೆಗೆ ನಡೆಯಲಿದೆ.

ರಂದು ಚಾಮರಾಜನಗರದಲ್ಲಿ ನಡೆಯಲಿದೆ. ಈ ನಡುವಿನ ದಿನಗಳಲ್ಲಿ ಸಪ್ತಾಹದ ಕಾರ್ಯಕ್ರಮಗಳು ನಡೆಯಲಿವೆ. ಪ್ರಾಂತೀಯ ಮಟ್ಟದಲ್ಲಿ ಸಹಕಾರ ಸಮ್ಮೇಳನಗಳು ನಡೆಯಲಿದ್ದು, ರಾಜ್ಯ ಮಟ್ಟದಲ್ಲಿ ಕಾರ್ಯಕ್ರಮ ಆಯೋಜಿಸಲಾಗುವುದು ಎಂದರು.

ನನಗೆ "ಸಹಕಾರ ರತ್ನ" ಪ್ರಶಸ್ತಿಗೆ ಹೆಸರು ಸೂಚಿಸಲು ಕೋರಿದ್ದಾರೆ. ಸಹಕಾರ ಕ್ಷೇತ್ರದಲ್ಲಿ ಗಣನೀಯ ಸೇವೆ ಸಲ್ಲಿಸಿದವರಿಗೆ ಈ ಪ್ರಶಸ್ತಿ ನೀಡಲಾಗುತ್ತದೆ. ರಾಜ್ಯದ ಎಲ್ಲಾ ಸಹಕಾರ ಸಂಘಗಳು ಒಟ್ಟಾಗಿ ಕೆಲಸ ಮಾಡಬೇಕು ಎಂದು ತಿಳಿಸಿದರು.

1 ಕೋಟಿ ಲೀಟರ್ ಹಾಲು ಪ್ರತಿದಿನ ರಾಜ್ಯದಲ್ಲಿ ಉತ್ಪಾದನೆ ಆಗುತ್ತಿರುವುದು ಅತ್ಯಂತ ಹೆಮ್ಮೆಯ ವಿಷಯ

ಸಹಕಾರ ತತ್ವದಡಿ ಬಡವರ ಎಲ್ಲಾ ಸಂಘ ಸಂಸ್ಥೆಗಳನ್ನು ಸಬಲೀಕರಣಗೊಳಿಸಬೇಕು. ರೈತರ ಜಾನುವಾರು ವಿಷಯಕ್ಕೆ ಸಹಕಾರ ಸಂಘ ಸಂಸ್ಥೆಗಳು ಸಹಾಯ ಮಾಡಬೇಕು. ಬ್ಯಾಂಕಿಂಗ್ ವ್ಯವಸ್ಥೆ ನಿಯಂತ್ರಣ ಕಾಯ್ದೆ ಪ್ರಕಾರ ಸಹಕಾರಿ ಬ್ಯಾಂಕ್‌ಗಳ ಮ್ಯಾನೇಜರ್ ಗಳ ನೇಮಕಾತಿ ಆಗಬೇಕು. ಮೊದಲ ರೈತರಿಗೆ ಹಾಲು ಉತ್ಪಾದಕ ಸಂಘಗಳ ಸ್ಥಾಪನೆ ಮಾಡಿದ್ದು ಉತ್ತಮ ಯೋಜನೆ.

ಸರ್ಕಾರಕ್ಕೆ ತನ್ನ ಬರಬೇಕಾದ ಸಭೆಯಲ್ಲಿ ಮುಖ್ಯಮಂತ್ರಿಗಳನ್ನು ಕೋರಲಾಯಿತು. ರಾಜ್ಯದ ನೇಕಾರ, ಬೀಡಿ, ಮೀನುಗಾರರ ಸಹಕಾರ ಸಂಘಗಳ ಅಭಿವೃದ್ಧಿಗೆ ಕ್ರಮ ಕೈಗೊಳ್ಳಲಾಗುವುದು. ಸಹಕಾರ ಸಪ್ತಾಹದ ಕಾರ್ಯಕ್ರಮ ಯಶಸ್ವಿಯಾಗಿ ನಡೆಸಲು ಎಲ್ಲರೂ ಸಹಕರಿಸಬೇಕು ಎಂದರು.

ಕೇಂದ್ರ ಸರ್ಕಾರದ ನೀತಿಗಳಿಂದ ಸಹಕಾರ ಕ್ಷೇತ್ರದ ಮೇಲೆ ಪರಿಣಾಮ ಬೀರುತ್ತಿದೆ. ಈ ಸಂಬಂಧ ಕೇಂದ್ರಕ್ಕೆ ಪತ್ರ ಬರೆಯಲಾಗುವುದು. ಸಹಕಾರ ಸಪ್ತಾಹದ ಕೊನೆಯ ದಿನ ಬೆಂಗಳೂರಿನಲ್ಲಿ ಸಮಾರೋಪ ನಡೆಯಲಿದೆ ಎಂದು ಸಚಿವರು ತಿಳಿಸಿದರು.

ಇಲಿದೆ. ಸಮಿತಿಯ ತೀರ್ಮಾನದಂತೆ ನೀಡಿ ಎನ್ನುವ ಸಲಹೆ ನೀಡಿದರು. ಸಹಕಾರ ಇಲಾಖೆ ಅನಿವಾರ್ಯ ಕಾರಣಗಳಿಂದ ನನ್ನ ಸಲಹೆಯ ಬಳಿಕ ಸಹಕಾರ ಕ್ಷೇತ್ರವನ್ನು ಮೊದಲಿನಿಂದಲೂ ಬಲಪಡಿಸಲಾಗಿದೆ. ಬಡವರು ಸಹಕಾರ ಕ್ಷೇತ್ರದಲ್ಲಿ ತೊಡಗಿಕೊಳ್ಳಬೇಕು. ನಾನು ಹಾಲು ಉತ್ಪಾದಕ ಸಂಘಗಳಿಗೆ ಪ್ರೋತ್ಸಾಹ ನೀಡಿದ್ದೇನೆ. ಸಹಕಾರ ಕ್ಷೇತ್ರವನ್ನು ಬಲಪಡಿಸಲು ಸರ್ಕಾರ ಬದ್ಧವಾಗಿದೆ ಎಂದರು.
